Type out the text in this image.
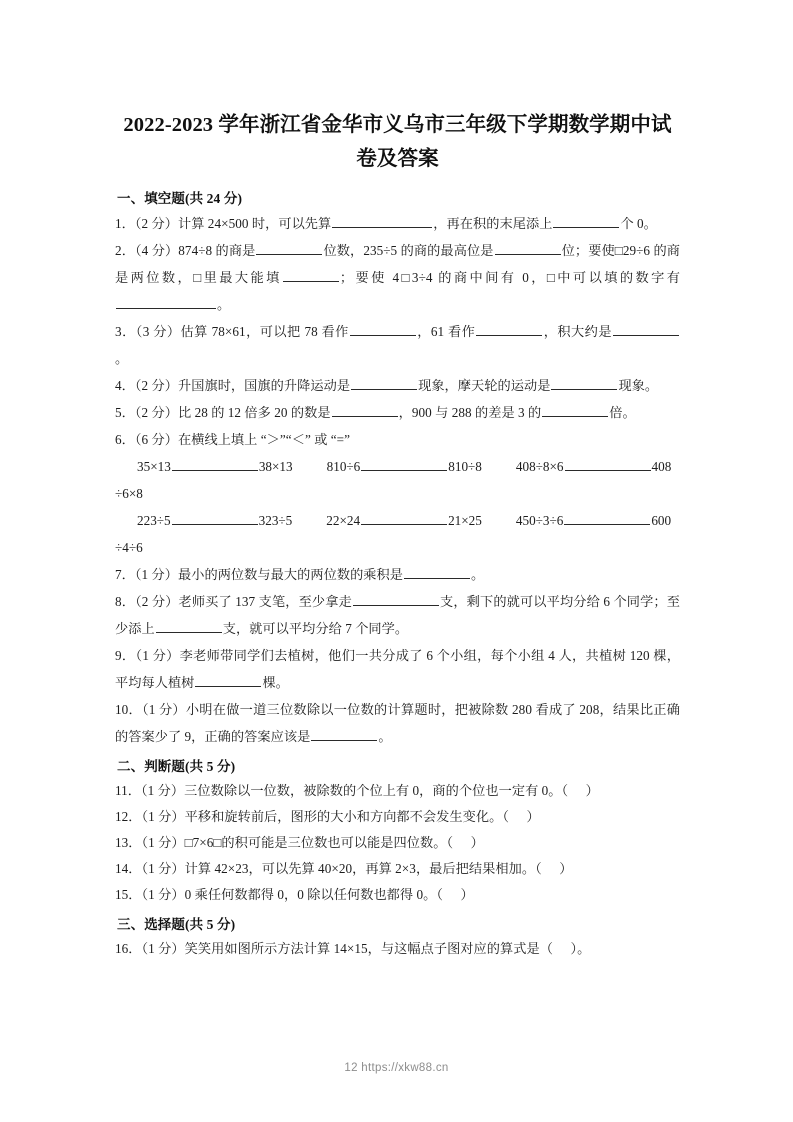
2022-2023 学年浙江省金华市义乌市三年级下学期数学期中试卷及答案
一、填空题(共 24 分)

1．（2 分）计算 24×500 时，可以先算	，再在积的末尾添上	个 0。

2．（4 分）874÷8 的商是	位数，235÷5 的商的最高位是	位；要使□29÷6 的商是两位数，□里最大能填	；要使 4□3÷4 的商中间有 0，□中可以填的数字有。

3．（3 分）估算 78×61，可以把 78 看作	，61 看作	，积大约是。

4．（2 分）升国旗时，国旗的升降运动是	现象，摩天轮的运动是	现象。

5．（2 分）比 28 的 12 倍多 20 的数是	，900 与 288 的差是 3 的	倍。

6．（6 分）在横线上填上 “＞”“＜” 或 “=”

35×13	38×13	810÷6	810÷8	408÷8×6	408

÷6×8

223÷5	323÷5	22×24	21×25	450÷3÷6	600

÷4÷6

7．（1 分）最小的两位数与最大的两位数的乘积是	。

8．（2 分）老师买了 137 支笔，至少拿走	支，剩下的就可以平均分给 6 个同学；至少添上	支，就可以平均分给 7 个同学。

9．（1 分）李老师带同学们去植树，他们一共分成了 6 个小组，每个小组 4 人，共植树 120 棵，平均每人植树	棵。

10．（1 分）小明在做一道三位数除以一位数的计算题时，把被除数 280 看成了 208，结果比正确的答案少了 9，正确的答案应该是	。

二、判断题(共 5 分)

11．（1 分）三位数除以一位数，被除数的个位上有 0，商的个位也一定有 0。（ ）

12．（1 分）平移和旋转前后，图形的大小和方向都不会发生变化。（ ）

13．（1 分）□7×6□的积可能是三位数也可以能是四位数。（ ）

14．（1 分）计算 42×23，可以先算 40×20，再算 2×3，最后把结果相加。（ ）

15．（1 分）0 乘任何数都得 0，0 除以任何数也都得 0。（ ）

三、选择题(共 5 分)

16．（1 分）笑笑用如图所示方法计算 14×15，与这幅点子图对应的算式是（ ）。

12 https://xkw88.cn
